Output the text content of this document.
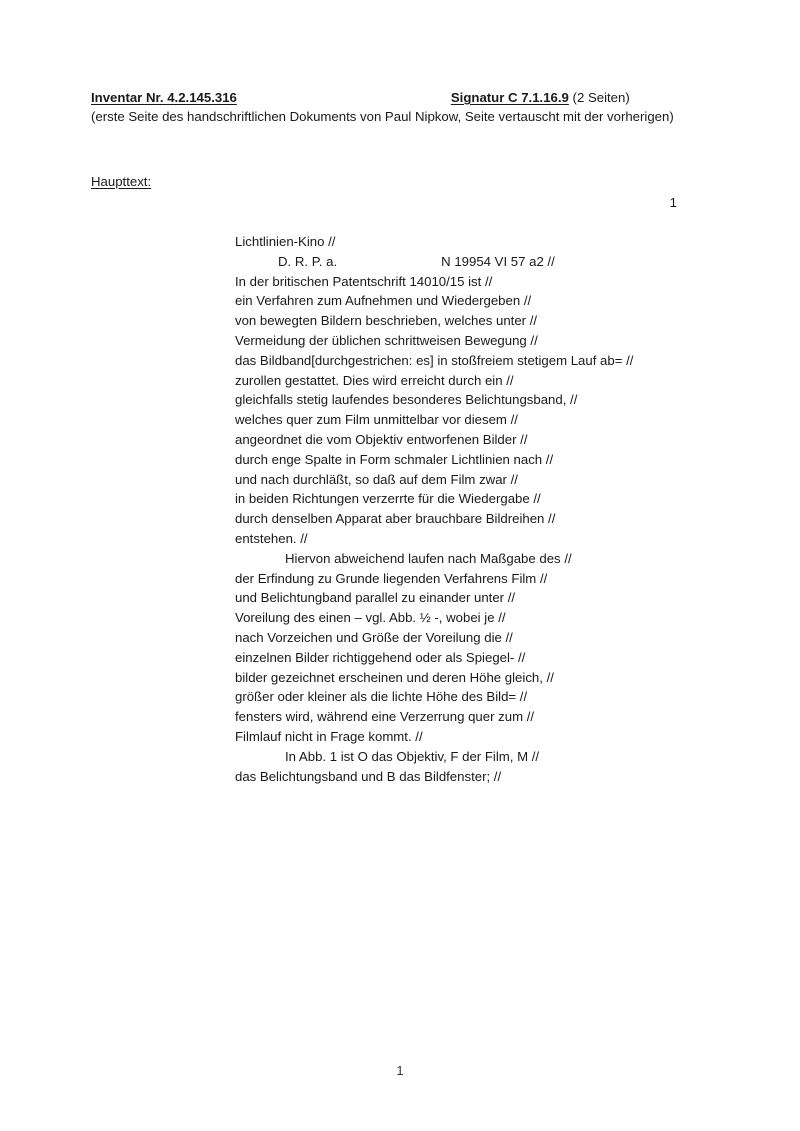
Inventar Nr. 4.2.145.316	Signatur C 7.1.16.9 (2 Seiten)
(erste Seite des handschriftlichen Dokuments von Paul Nipkow, Seite vertauscht mit der vorherigen)
Haupttext:
1
Lichtlinien-Kino //
D. R. P. a.	N 19954 VI 57 a2 //
In der britischen Patentschrift 14010/15 ist //
ein Verfahren zum Aufnehmen und Wiedergeben //
von bewegten Bildern beschrieben, welches unter //
Vermeidung der üblichen schrittweisen Bewegung //
das Bildband[durchgestrichen: es] in stoßfreiem stetigem Lauf ab= //
zurollen gestattet. Dies wird erreicht durch ein //
gleichfalls stetig laufendes besonderes Belichtungsband, //
welches quer zum Film unmittelbar vor diesem //
angeordnet die vom Objektiv entworfenen Bilder //
durch enge Spalte in Form schmaler Lichtlinien nach //
und nach durchläßt, so daß auf dem Film zwar //
in beiden Richtungen verzerrte für die Wiedergabe //
durch denselben Apparat aber brauchbare Bildreihen //
entstehen. //
Hiervon abweichend laufen nach Maßgabe des //
der Erfindung zu Grunde liegenden Verfahrens Film //
und Belichtungband parallel zu einander unter //
Voreilung des einen – vgl. Abb. ½ -, wobei je //
nach Vorzeichen und Größe der Voreilung die //
einzelnen Bilder richtiggehend oder als Spiegel- //
bilder gezeichnet erscheinen und deren Höhe gleich, //
größer oder kleiner als die lichte Höhe des Bild= //
fensters wird, während eine Verzerrung quer zum //
Filmlauf nicht in Frage kommt. //
In Abb. 1 ist O das Objektiv, F der Film, M //
das Belichtungsband und B das Bildfenster; //
1
